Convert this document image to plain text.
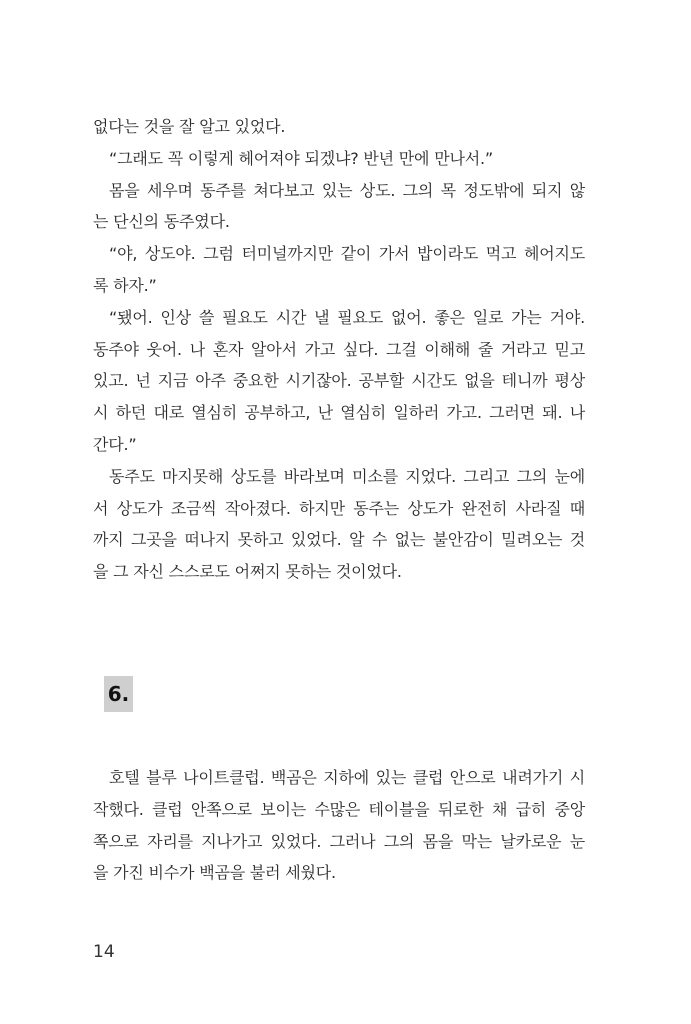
없다는 것을 잘 알고 있었다.
“그래도 꼭 이렇게 헤어져야 되겠냐? 반년 만에 만나서.”
몸을 세우며 동주를 쳐다보고 있는 상도. 그의 목 정도밖에 되지 않
는 단신의 동주였다.
“야, 상도야. 그럼 터미널까지만 같이 가서 밥이라도 먹고 헤어지도
록 하자.”
“됐어. 인상 쓸 필요도 시간 낼 필요도 없어. 좋은 일로 가는 거야.
동주야 웃어. 나 혼자 알아서 가고 싶다. 그걸 이해해 줄 거라고 믿고
있고. 넌 지금 아주 중요한 시기잖아. 공부할 시간도 없을 테니까 평상
시 하던 대로 열심히 공부하고, 난 열심히 일하러 가고. 그러면 돼. 나
간다.”
동주도 마지못해 상도를 바라보며 미소를 지었다. 그리고 그의 눈에
서 상도가 조금씩 작아졌다. 하지만 동주는 상도가 완전히 사라질 때
까지 그곳을 떠나지 못하고 있었다. 알 수 없는 불안감이 밀려오는 것
을 그 자신 스스로도 어쩌지 못하는 것이었다.
6.
호텔 블루 나이트클럽. 백곰은 지하에 있는 클럽 안으로 내려가기 시
작했다. 클럽 안쪽으로 보이는 수많은 테이블을 뒤로한 채 급히 중앙
쪽으로 자리를 지나가고 있었다. 그러나 그의 몸을 막는 날카로운 눈
을 가진 비수가 백곰을 불러 세웠다.
14
